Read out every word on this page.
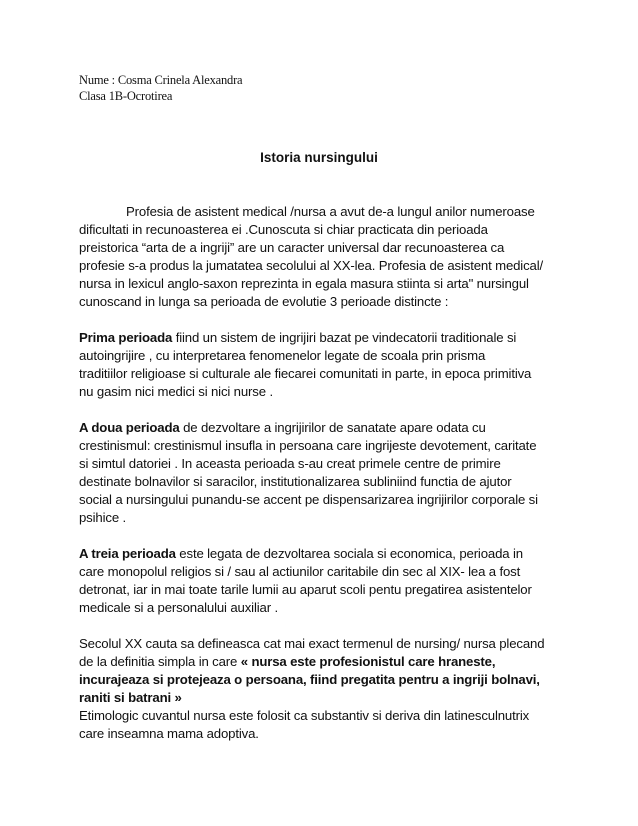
Nume : Cosma Crinela Alexandra
Clasa 1B-Ocrotirea
Istoria nursingului
Profesia de asistent medical /nursa a avut de-a lungul anilor numeroase
dificultati in recunoasterea ei .Cunoscuta si chiar practicata din perioada
preistorica “arta de a ingriji” are un caracter universal dar recunoasterea ca
profesie s-a produs la jumatatea secolului al XX-lea. Profesia de asistent medical/
nursa in lexicul anglo-saxon reprezinta in egala masura stiinta si arta" nursingul
cunoscand in lunga sa perioada de evolutie 3 perioade distincte :
Prima perioada fiind un sistem de ingrijiri bazat pe vindecatorii traditionale si
autoingrijire , cu interpretarea fenomenelor legate de scoala prin prisma
traditiilor religioase si culturale ale fiecarei comunitati in parte, in epoca primitiva
nu gasim nici medici si nici nurse .
A doua perioada de dezvoltare a ingrijirilor de sanatate apare odata cu
crestinismul: crestinismul insufla in persoana care ingrijeste devotement, caritate
si simtul datoriei . In aceasta perioada s-au creat primele centre de primire
destinate bolnavilor si saracilor, institutionalizarea subliniind functia de ajutor
social a nursingului punandu-se accent pe dispensarizarea ingrijirilor corporale si
psihice .
A treia perioada este legata de dezvoltarea sociala si economica, perioada in
care monopolul religios si / sau al actiunilor caritabile din sec al XIX- lea a fost
detronat, iar in mai toate tarile lumii au aparut scoli pentu pregatirea asistentelor
medicale si a personalului auxiliar .
Secolul XX cauta sa defineasca cat mai exact termenul de nursing/ nursa plecand
de la definitia simpla in care « nursa este profesionistul care hraneste,
incurajeaza si protejeaza o persoana, fiind pregatita pentru a ingriji bolnavi,
raniti si batrani »
Etimologic cuvantul nursa este folosit ca substantiv si deriva din latinesculnutrix
care inseamna mama adoptiva.
